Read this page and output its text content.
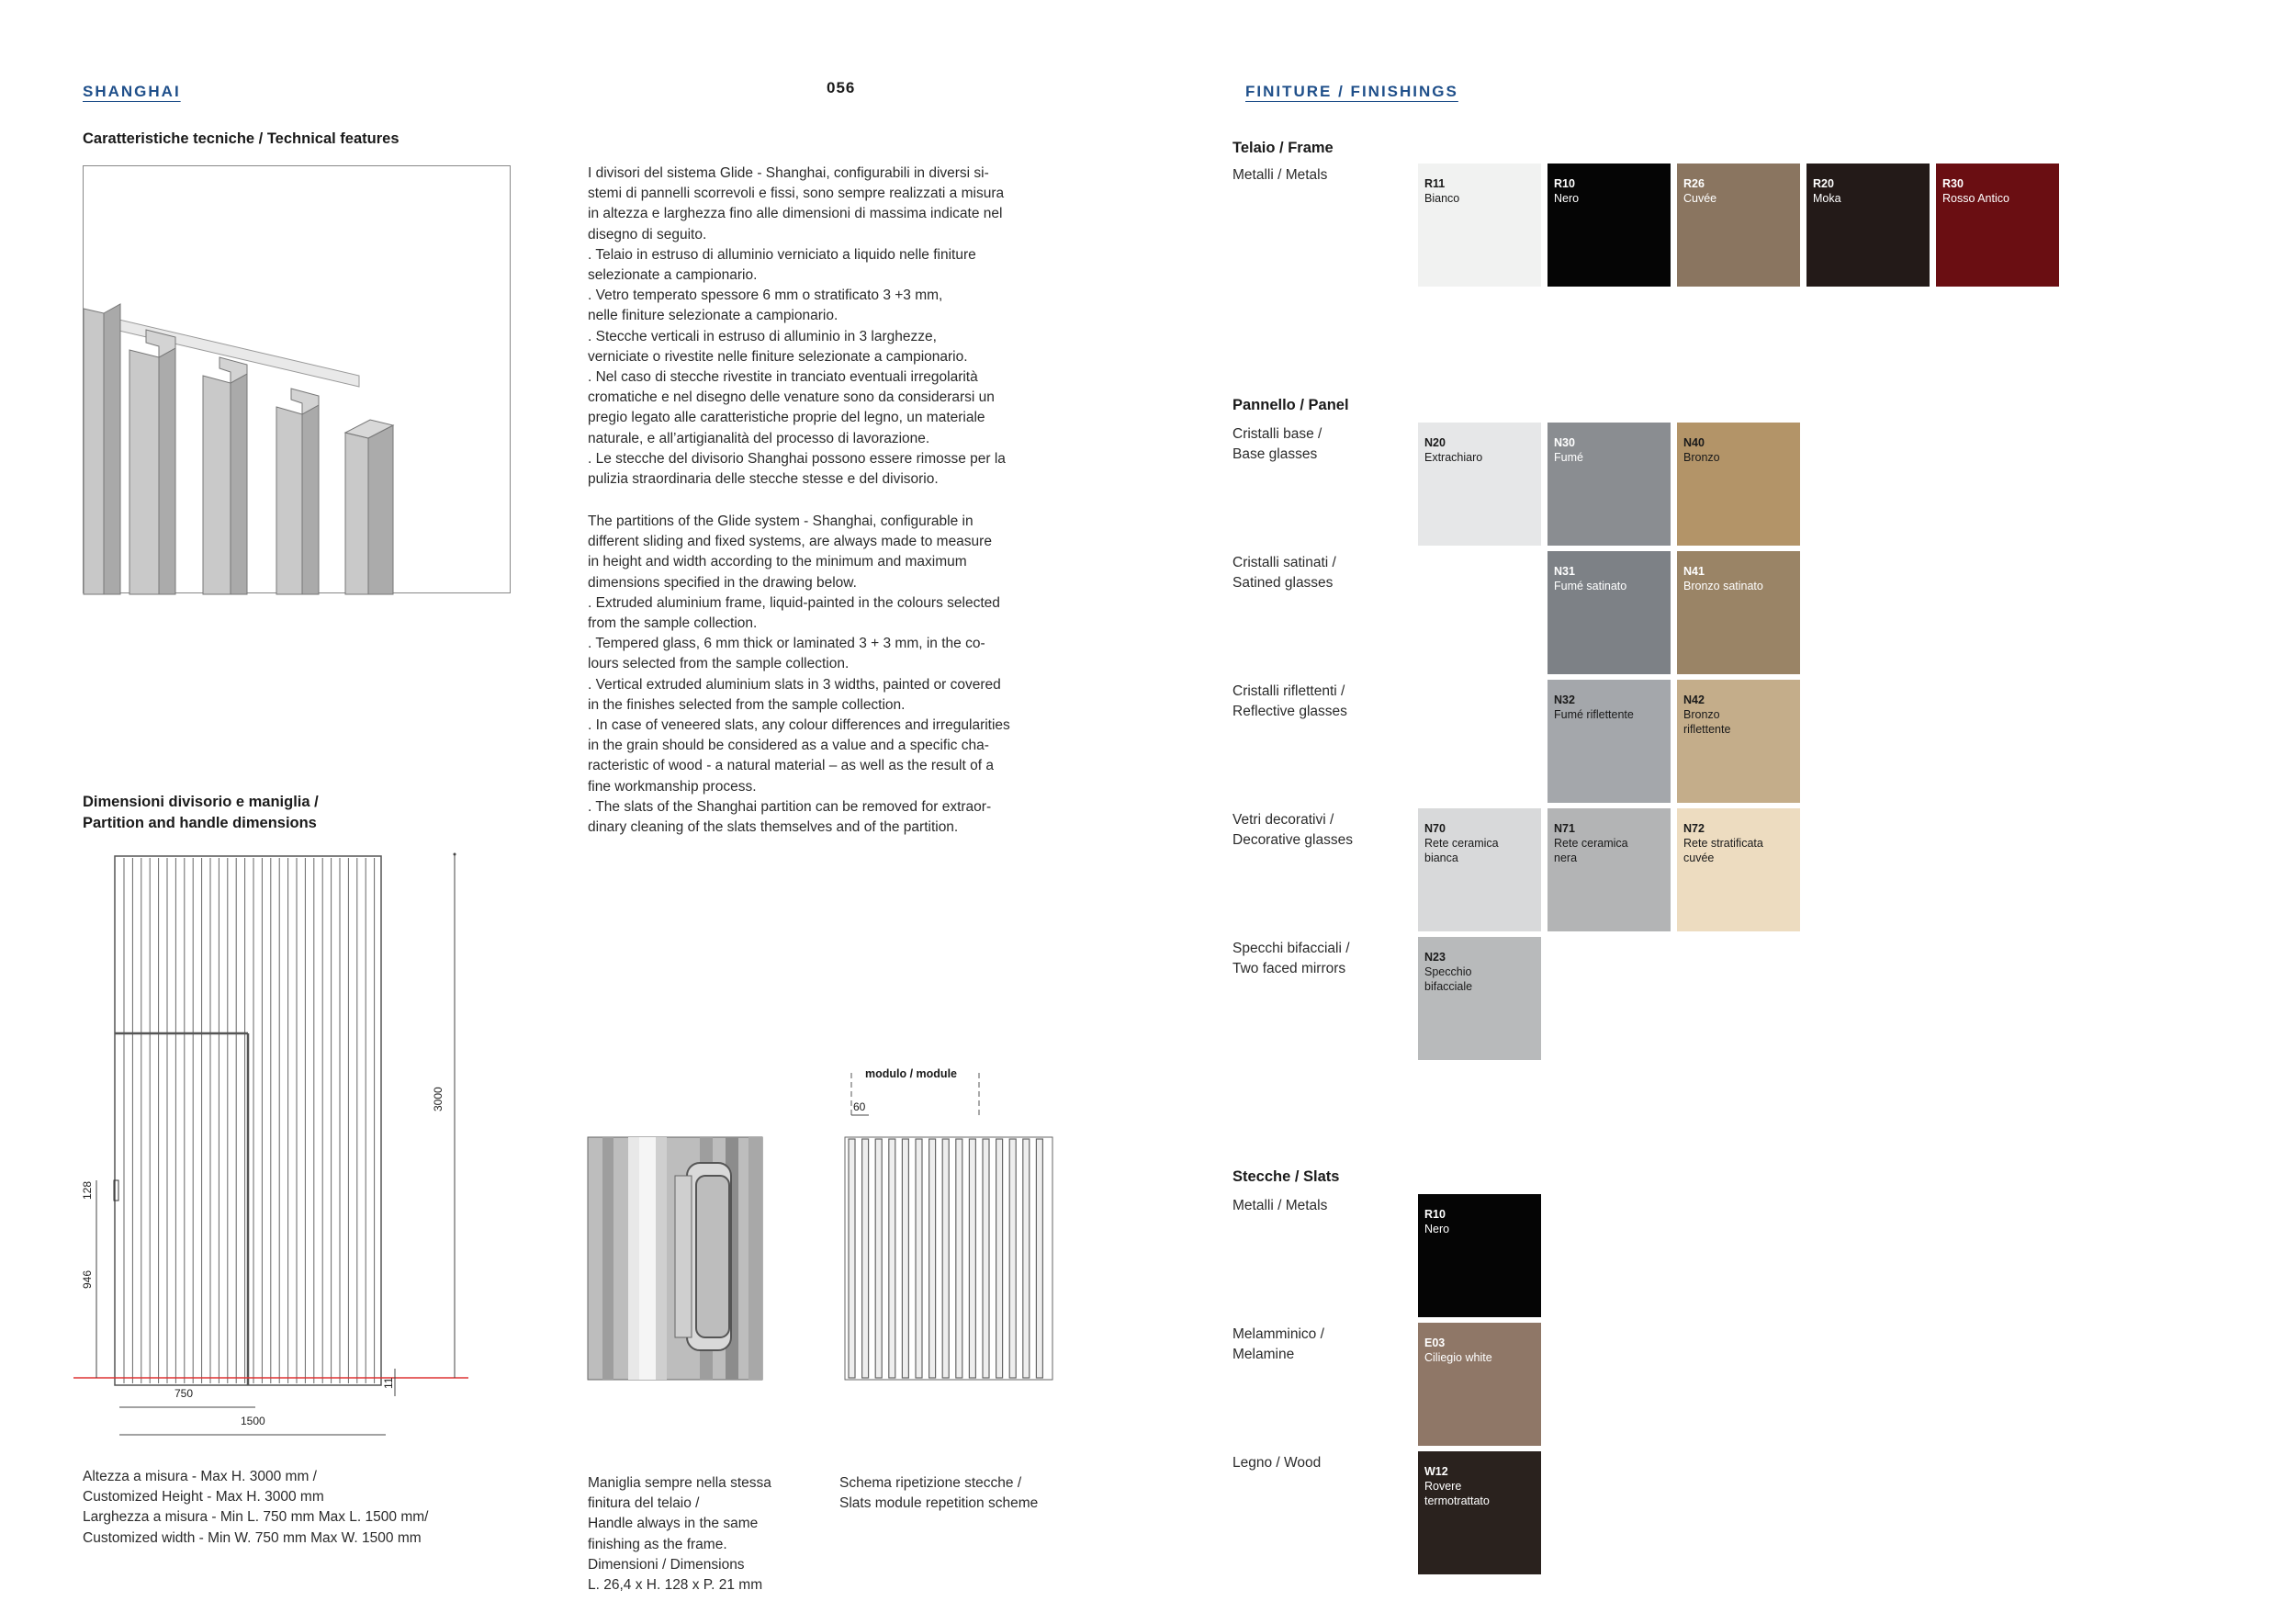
SHANGHAI	056	FINITURE / FINISHINGS
Caratteristiche tecniche / Technical features
Dimensioni divisorio e maniglia /
Partition and handle dimensions
3000
128
946
11
750
1500
Altezza a misura - Max H. 3000 mm /
Customized Height - Max H. 3000 mm
Larghezza a misura - Min L. 750 mm Max L. 1500 mm/
Customized width - Min W. 750 mm Max W. 1500 mm
I divisori del sistema Glide - Shanghai, configurabili in diversi si-
stemi di pannelli scorrevoli e fissi, sono sempre realizzati a misura
in altezza e larghezza fino alle dimensioni di massima indicate nel
disegno di seguito.
. Telaio in estruso di alluminio verniciato a liquido nelle finiture
selezionate a campionario.
. Vetro temperato spessore 6 mm o stratificato 3 +3 mm,
nelle finiture selezionate a campionario.
. Stecche verticali in estruso di alluminio in 3 larghezze,
verniciate o rivestite nelle finiture selezionate a campionario.
. Nel caso di stecche rivestite in tranciato eventuali irregolarità
cromatiche e nel disegno delle venature sono da considerarsi un
pregio legato alle caratteristiche proprie del legno, un materiale
naturale, e all’artigianalità del processo di lavorazione.
. Le stecche del divisorio Shanghai possono essere rimosse per la
pulizia straordinaria delle stecche stesse e del divisorio.
The partitions of the Glide system - Shanghai, configurable in
different sliding and fixed systems, are always made to measure
in height and width according to the minimum and maximum
dimensions specified in the drawing below.
. Extruded aluminium frame, liquid-painted in the colours selected
from the sample collection.
. Tempered glass, 6 mm thick or laminated 3 + 3 mm, in the co-
lours selected from the sample collection.
. Vertical extruded aluminium slats in 3 widths, painted or covered
in the finishes selected from the sample collection.
. In case of veneered slats, any colour differences and irregularities
in the grain should be considered as a value and a specific cha-
racteristic of wood - a natural material – as well as the result of a
fine workmanship process.
. The slats of the Shanghai partition can be removed for extraor-
dinary cleaning of the slats themselves and of the partition.
Maniglia sempre nella stessa
finitura del telaio /
Handle always in the same
finishing as the frame.
Dimensioni / Dimensions
L. 26,4 x H. 128 x P. 21 mm
modulo / module
60
Schema ripetizione stecche /
Slats module repetition scheme
Telaio / Frame
Metalli / Metals
R11
Bianco
R10
Nero
R26
Cuvée
R20
Moka
R30
Rosso Antico
Pannello / Panel
Cristalli base /
Base glasses
N20
Extrachiaro
N30
Fumé
N40
Bronzo
Cristalli satinati /
Satined glasses
N31
Fumé satinato
N41
Bronzo satinato
Cristalli riflettenti /
Reflective glasses
N32
Fumé riflettente
N42
Bronzo
riflettente
Vetri decorativi /
Decorative glasses
N70
Rete ceramica
bianca
N71
Rete ceramica
nera
N72
Rete stratificata
cuvée
Specchi bifacciali /
Two faced mirrors
N23
Specchio
bifacciale
Stecche / Slats
Metalli / Metals
R10
Nero
Melamminico /
Melamine
E03
Ciliegio white
Legno / Wood
W12
Rovere
termotrattato
